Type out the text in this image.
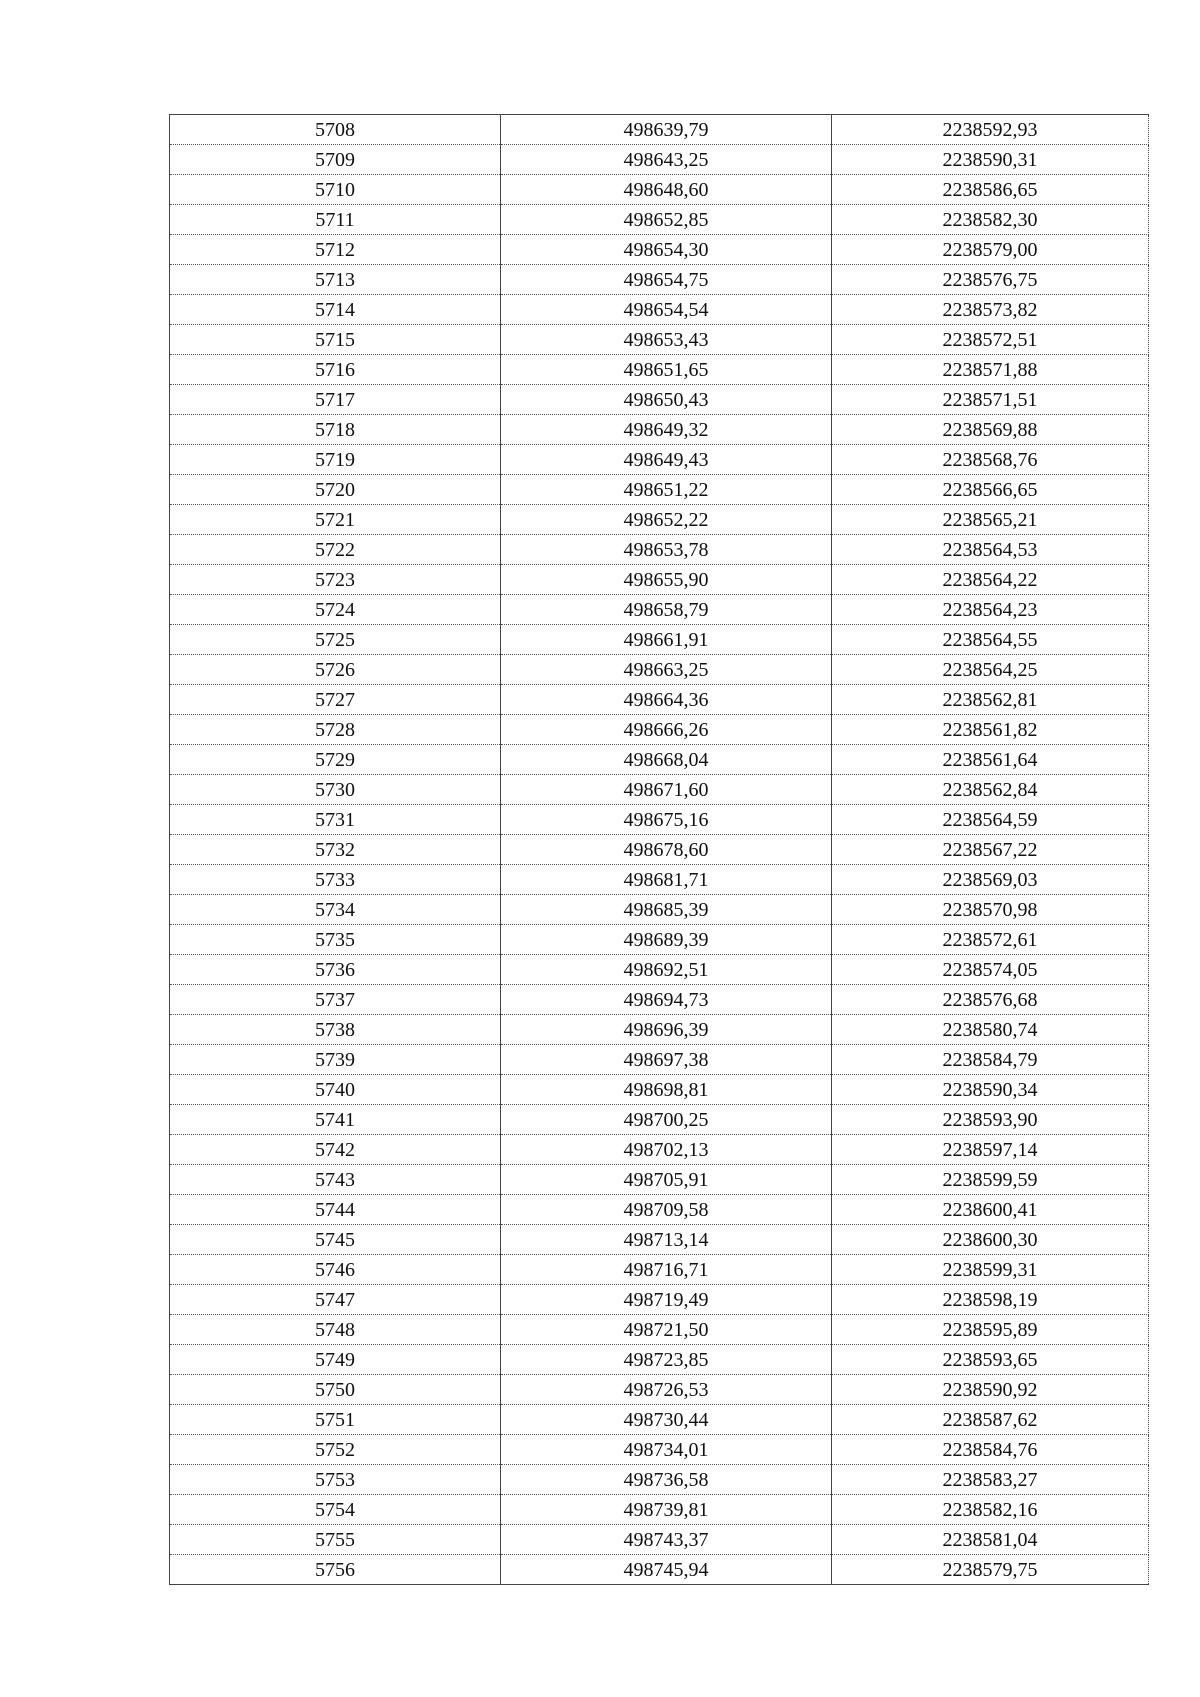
5708	498639,79	2238592,93
5709	498643,25	2238590,31
5710	498648,60	2238586,65
5711	498652,85	2238582,30
5712	498654,30	2238579,00
5713	498654,75	2238576,75
5714	498654,54	2238573,82
5715	498653,43	2238572,51
5716	498651,65	2238571,88
5717	498650,43	2238571,51
5718	498649,32	2238569,88
5719	498649,43	2238568,76
5720	498651,22	2238566,65
5721	498652,22	2238565,21
5722	498653,78	2238564,53
5723	498655,90	2238564,22
5724	498658,79	2238564,23
5725	498661,91	2238564,55
5726	498663,25	2238564,25
5727	498664,36	2238562,81
5728	498666,26	2238561,82
5729	498668,04	2238561,64
5730	498671,60	2238562,84
5731	498675,16	2238564,59
5732	498678,60	2238567,22
5733	498681,71	2238569,03
5734	498685,39	2238570,98
5735	498689,39	2238572,61
5736	498692,51	2238574,05
5737	498694,73	2238576,68
5738	498696,39	2238580,74
5739	498697,38	2238584,79
5740	498698,81	2238590,34
5741	498700,25	2238593,90
5742	498702,13	2238597,14
5743	498705,91	2238599,59
5744	498709,58	2238600,41
5745	498713,14	2238600,30
5746	498716,71	2238599,31
5747	498719,49	2238598,19
5748	498721,50	2238595,89
5749	498723,85	2238593,65
5750	498726,53	2238590,92
5751	498730,44	2238587,62
5752	498734,01	2238584,76
5753	498736,58	2238583,27
5754	498739,81	2238582,16
5755	498743,37	2238581,04
5756	498745,94	2238579,75
